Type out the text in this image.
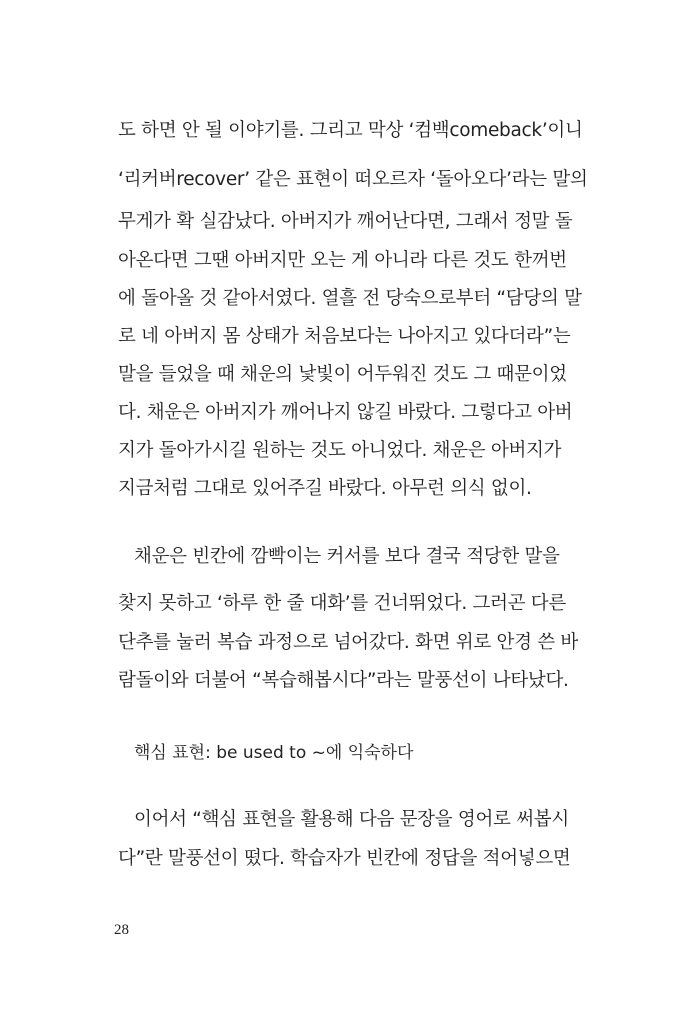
도 하면 안 될 이야기를. 그리고 막상 ‘컴백comeback’이니
‘리커버recover’ 같은 표현이 떠오르자 ‘돌아오다’라는 말의
무게가 확 실감났다. 아버지가 깨어난다면, 그래서 정말 돌
아온다면 그땐 아버지만 오는 게 아니라 다른 것도 한꺼번
에 돌아올 것 같아서였다. 열흘 전 당숙으로부터 “담당의 말
로 네 아버지 몸 상태가 처음보다는 나아지고 있다더라”는
말을 들었을 때 채운의 낯빛이 어두워진 것도 그 때문이었
다. 채운은 아버지가 깨어나지 않길 바랐다. 그렇다고 아버
지가 돌아가시길 원하는 것도 아니었다. 채운은 아버지가
지금처럼 그대로 있어주길 바랐다. 아무런 의식 없이.
채운은 빈칸에 깜빡이는 커서를 보다 결국 적당한 말을
찾지 못하고 ‘하루 한 줄 대화’를 건너뛰었다. 그러곤 다른
단추를 눌러 복습 과정으로 넘어갔다. 화면 위로 안경 쓴 바
람돌이와 더불어 “복습해봅시다”라는 말풍선이 나타났다.
핵심 표현: be used to ~에 익숙하다
이어서 “핵심 표현을 활용해 다음 문장을 영어로 써봅시
다”란 말풍선이 떴다. 학습자가 빈칸에 정답을 적어넣으면
28
